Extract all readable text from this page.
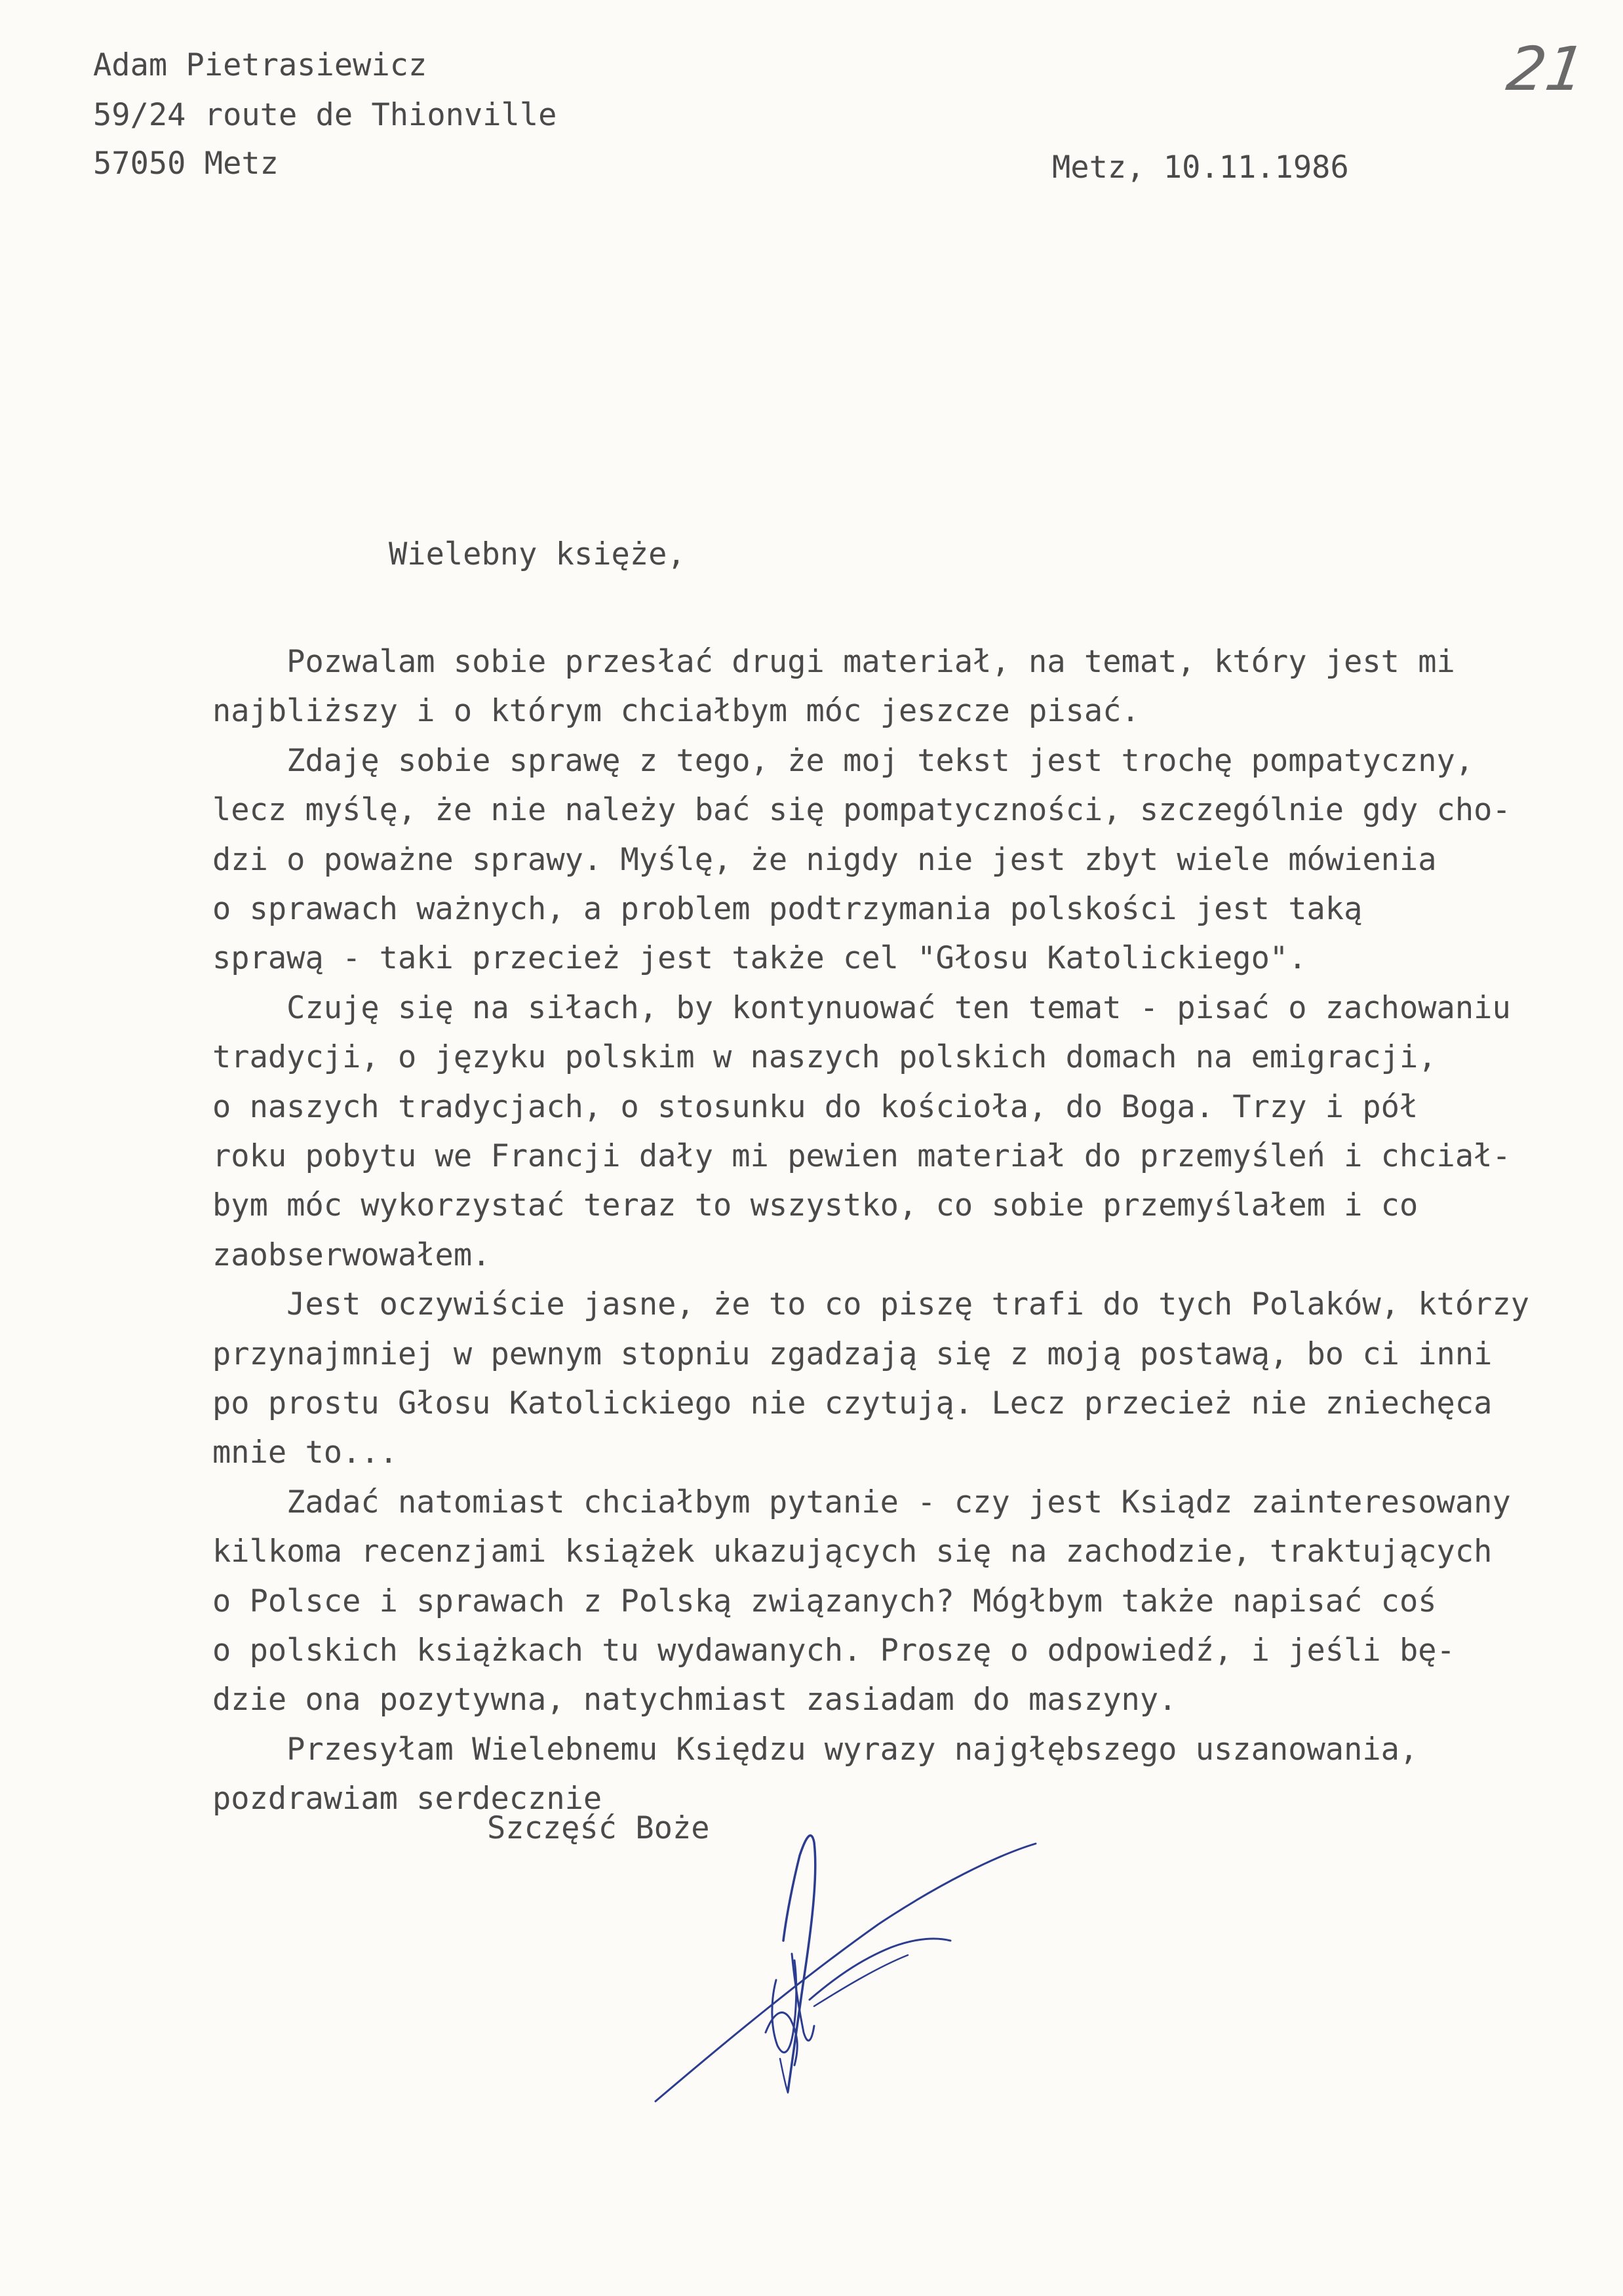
21
Adam Pietrasiewicz
59/24 route de Thionville
57050 Metz	Metz, 10.11.1986
Wielebny księże,
Pozwalam sobie przesłać drugi materiał, na temat, który jest mi
najbliższy i o którym chciałbym móc jeszcze pisać.
Zdaję sobie sprawę z tego, że moj tekst jest trochę pompatyczny,
lecz myślę, że nie należy bać się pompatyczności, szczególnie gdy cho-
dzi o poważne sprawy. Myślę, że nigdy nie jest zbyt wiele mówienia
o sprawach ważnych, a problem podtrzymania polskości jest taką
sprawą - taki przecież jest także cel "Głosu Katolickiego".
Czuję się na siłach, by kontynuować ten temat - pisać o zachowaniu
tradycji, o języku polskim w naszych polskich domach na emigracji,
o naszych tradycjach, o stosunku do kościoła, do Boga. Trzy i pół
roku pobytu we Francji dały mi pewien materiał do przemyśleń i chciał-
bym móc wykorzystać teraz to wszystko, co sobie przemyślałem i co
zaobserwowałem.
Jest oczywiście jasne, że to co piszę trafi do tych Polaków, którzy
przynajmniej w pewnym stopniu zgadzają się z moją postawą, bo ci inni
po prostu Głosu Katolickiego nie czytują. Lecz przecież nie zniechęca
mnie to...
Zadać natomiast chciałbym pytanie - czy jest Ksiądz zainteresowany
kilkoma recenzjami książek ukazujących się na zachodzie, traktujących
o Polsce i sprawach z Polską związanych? Mógłbym także napisać coś
o polskich książkach tu wydawanych. Proszę o odpowiedź, i jeśli bę-
dzie ona pozytywna, natychmiast zasiadam do maszyny.
Przesyłam Wielebnemu Księdzu wyrazy najgłębszego uszanowania,
pozdrawiam serdecznie
Szczęść Boże
